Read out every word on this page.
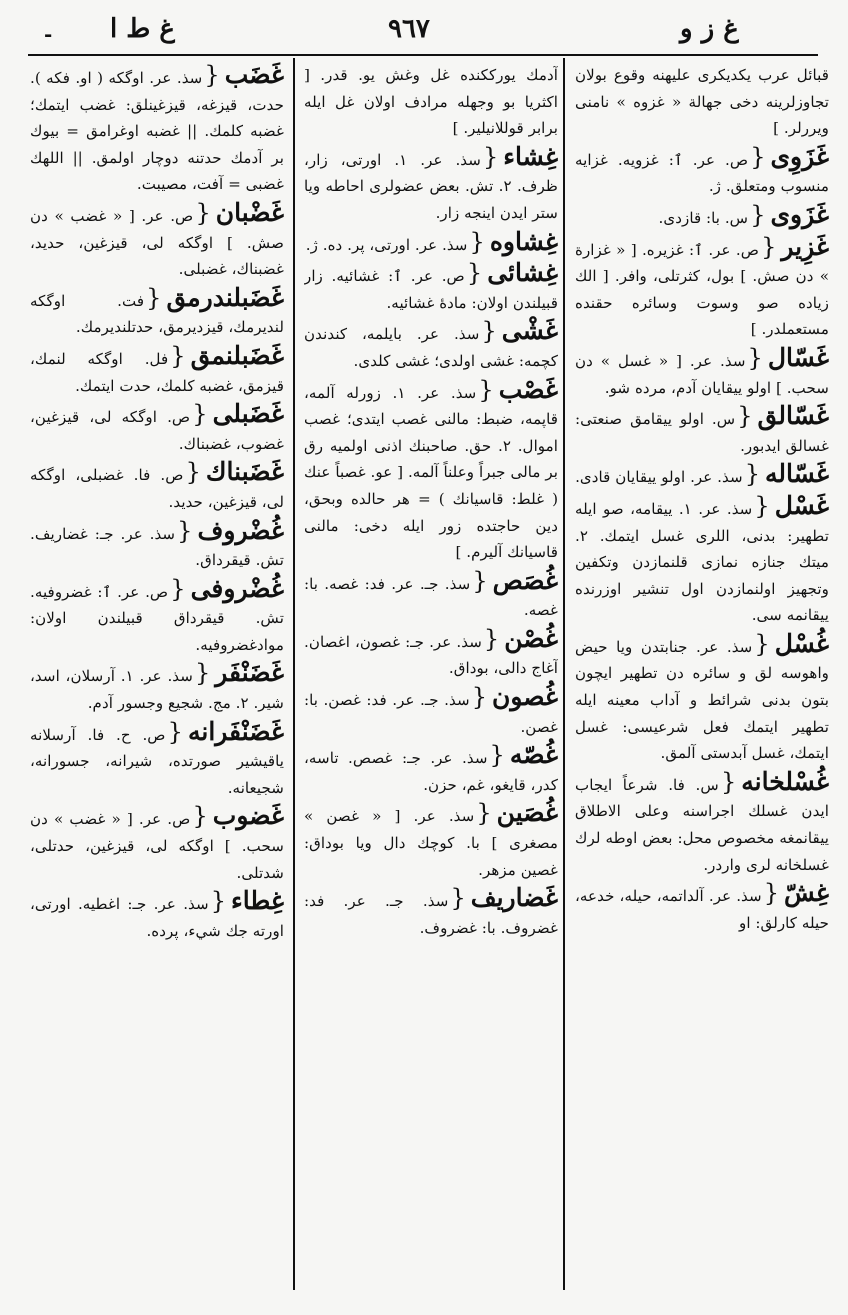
- غ ط ا	٩٦٧	غ ز و

قبائل عرب يكديكرى عليهنه وقوع بولان تجاوزلرينه دخى جهالة « غزوه » نامنى ويررلر. ]

غَزَوِى{ص. عر. ٱ: غزويه. غزايه منسوب ومتعلق. ژ.

غَزَوى{س. با: قازدى.

غَزِير{ص. عر. ٱ: غزيره. [ « غزارة » دن صش. ] بول، كثرتلى، وافر. [ الك زياده صو وسوت وسائره حقنده مستعملدر. ]

غَسّال{سذ. عر. [ « غسل » دن سحب. ] اولو ييقايان آدم، مرده شو.

غَسّالق{س. اولو ييقامق صنعتى: غسالق ايدبور.

غَسّاله{سذ. عر. اولو ييقايان قادى.

غَسْل{سذ. عر. ١. ييقامه، صو ايله تطهير: بدنى، اللرى غسل ايتمك. ٢. ميتك جنازه نمازى قلنمازدن وتكفين وتجهيز اولنمازدن اول تنشير اوزرنده ييقانمه سى.

غُسْل{سذ. عر. جنابتدن ويا حيض واهوسه لق و سائره دن تطهير ايچون بتون بدنى شرائط و آداب معينه ايله تطهير ايتمك فعل شرعيسى: غسل ايتمك، غسل آبدستى آلمق.

غُسْلخانه{س. فا. شرعاً ايجاب ايدن غسلك اجراسنه وعلى الاطلاق ييقانمغه مخصوص محل: بعض اوطه لرك غسلخانه لرى واردر.

غِشّ{سذ. عر. آلداتمه، حيله، خدعه، حيله كارلق: او

آدمك يورككنده غل وغش يو. قدر. [ اكثريا بو وجهله مرادف اولان غل ايله برابر قوللانيلير. ]

غِشاء{سذ. عر. ١. اورتى، زار، ظرف. ٢. تش. بعض عضولرى احاطه ويا ستر ايدن اينجه زار.

غِشاوه{سذ. عر. اورتى، پر. ده. ژ.

غِشائى{ص. عر. ٱ: غشائيه. زار قبيلندن اولان: مادهٔ غشائيه.

غَشْى{سذ. عر. بايلمه، كندندن كچمه: غشى اولدى؛ غشى كلدى.

غَصْب{سذ. عر. ١. زورله آلمه، قاپمه، ضبط: مالنى غصب ايتدى؛ غصب اموال. ٢. حق. صاحبنك اذنى اولميه رق بر مالى جبراً وعلناً آلمه. [ عو. غصباً عنك ( غلط: قاسيانك ) = هر حالده وبحق، دين حاجتده زور ايله دخى: مالنى قاسيانك آليرم. ]

غُصَص{سذ. جـ. عر. فد: غصه. با: غصه.

غُصْن{سذ. عر. جـ: غصون، اغصان. آغاج دالى، بوداق.

غُصون{سذ. جـ. عر. فد: غصن. با: غصن.

غُصّه{سذ. عر. جـ: غصص. تاسه، كدر، قايغو، غم، حزن.

غُصَين{سذ. عر. [ « غصن » مصغرى ] با. كوچك دال ويا بوداق: غصين مزهر.

غَضاريف{سذ. جـ. عر. فد: غضروف. با: غضروف.

غَضَب{سذ. عر. اوگكه ( او. فكه ). حدت، قيزغه، قيزغينلق: غضب ايتمك؛ غضبه كلمك. || غضبه اوغرامق = بيوك بر آدمك حدتنه دوچار اولمق. || اللهك غضبى = آفت، مصيبت.

غَضْبان{ص. عر. [ « غضب » دن صش. ] اوگكه لى، قيزغين، حديد، غضبناك، غضبلى.

غَضَبلندرمق{فت. اوگكه لنديرمك، قيزديرمق، حدتلنديرمك.

غَضَبلنمق{فل. اوگكه لنمك، قيزمق، غضبه كلمك، حدت ايتمك.

غَضَبلى{ص. اوگكه لى، قيزغين، غضوب، غضبناك.

غَضَبناك{ص. فا. غضبلى، اوگكه لى، قيزغين، حديد.

غُضْروف{سذ. عر. جـ: غضاريف. تش. قيقرداق.

غُضْروفى{ص. عر. ٱ: غضروفيه. تش. قيقرداق قبيلندن اولان: موادغضروفيه.

غَضَنْفَر{سذ. عر. ١. آرسلان، اسد، شير. ٢. مج. شجيع وجسور آدم.

غَضَنْفَرانه{ص. ح. فا. آرسلانه ياقيشير صورتده، شيرانه، جسورانه، شجيعانه.

غَضوب{ص. عر. [ « غضب » دن سحب. ] اوگكه لى، قيزغين، حدتلى، شدتلى.

غِطاء{سذ. عر. جـ: اغطيه. اورتى، اورته جك شيء، پرده.
